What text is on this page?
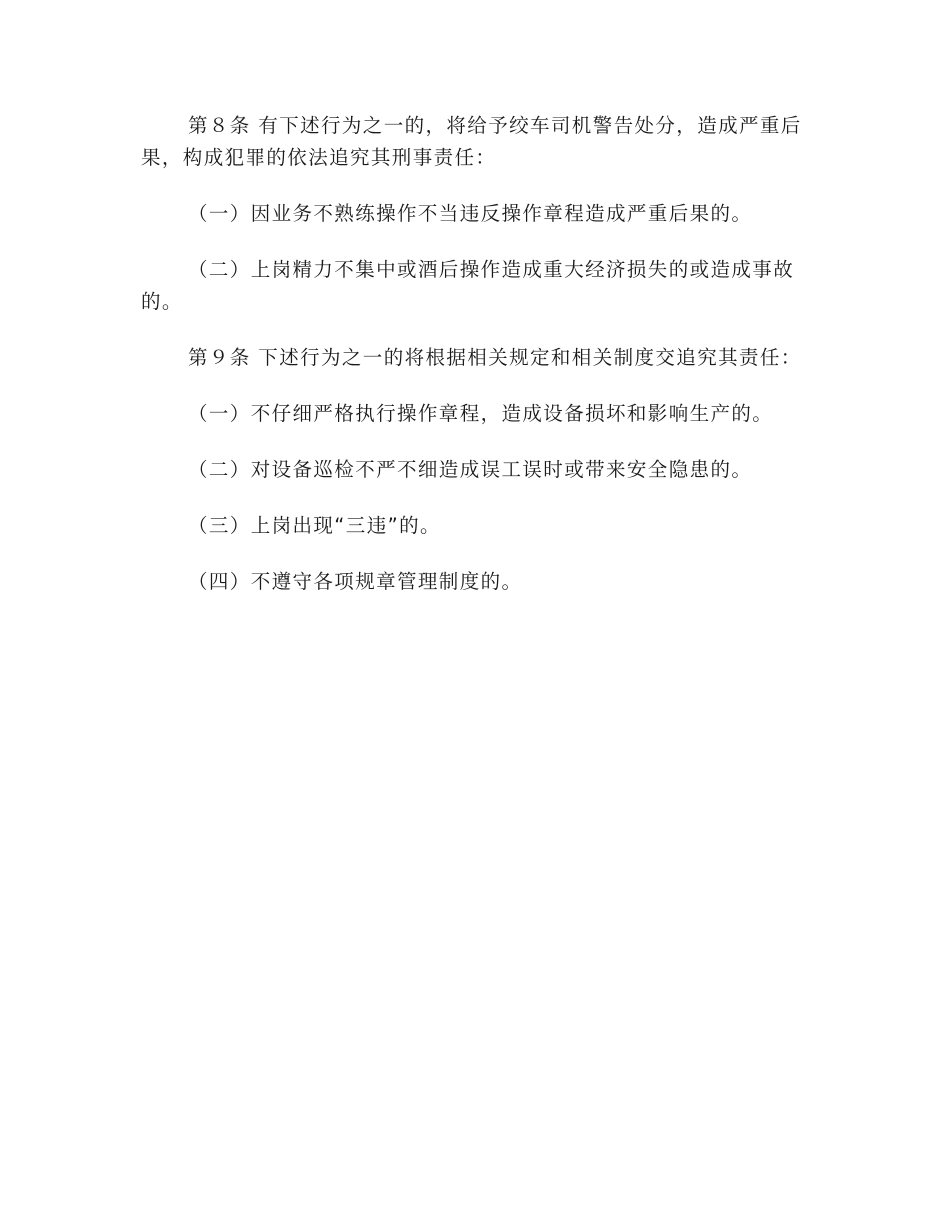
第８条 有下述行为之一的，将给予绞车司机警告处分，造成严重后果，构成犯罪的依法追究其刑事责任：

（一）因业务不熟练操作不当违反操作章程造成严重后果的。

（二）上岗精力不集中或酒后操作造成重大经济损失的或造成事故的。

第９条 下述行为之一的将根据相关规定和相关制度交追究其责任：

（一）不仔细严格执行操作章程，造成设备损坏和影响生产的。

（二）对设备巡检不严不细造成误工误时或带来安全隐患的。

（三）上岗出现“三违”的。

（四）不遵守各项规章管理制度的。
